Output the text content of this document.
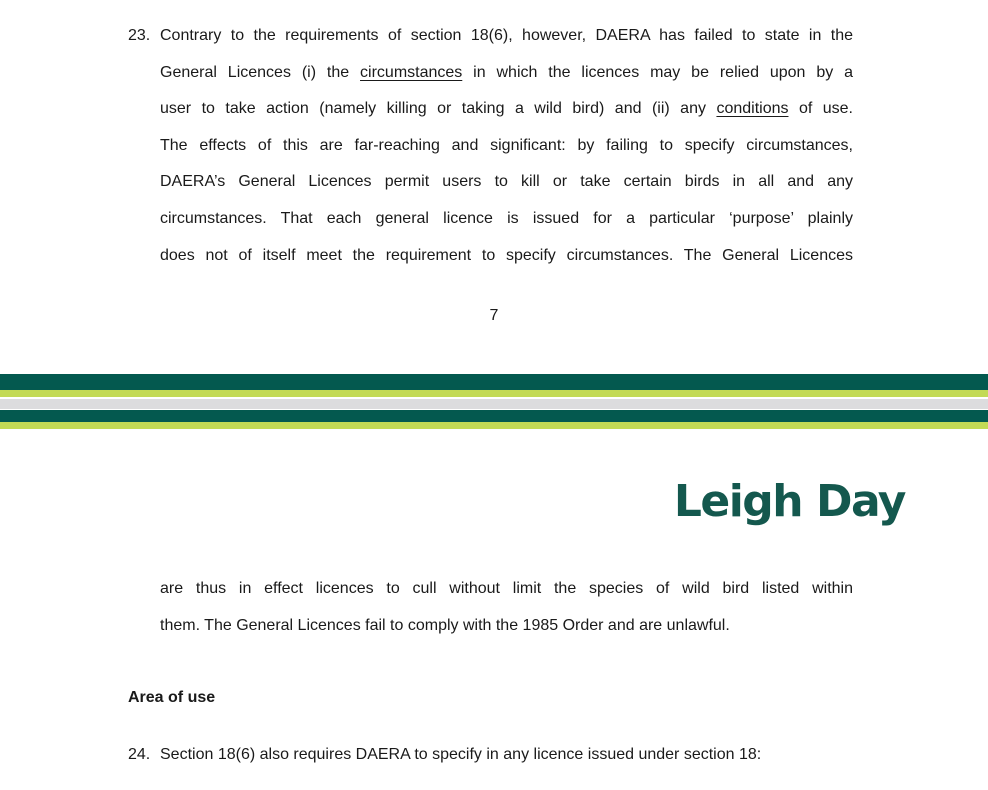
23. Contrary to the requirements of section 18(6), however, DAERA has failed to state in the
General Licences (i) the circumstances in which the licences may be relied upon by a
user to take action (namely killing or taking a wild bird) and (ii) any conditions of use.
The effects of this are far-reaching and significant: by failing to specify circumstances,
DAERA’s General Licences permit users to kill or take certain birds in all and any
circumstances. That each general licence is issued for a particular ‘purpose’ plainly
does not of itself meet the requirement to specify circumstances. The General Licences
7
Leigh Day
are thus in effect licences to cull without limit the species of wild bird listed within
them. The General Licences fail to comply with the 1985 Order and are unlawful.
Area of use
24. Section 18(6) also requires DAERA to specify in any licence issued under section 18:
